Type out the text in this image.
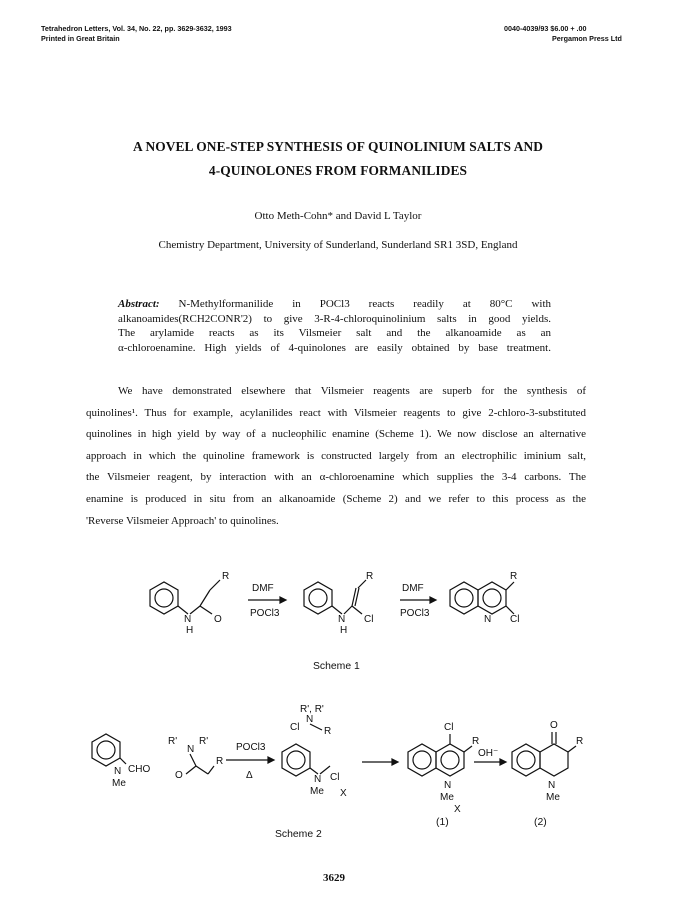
Tetrahedron Letters, Vol. 34, No. 22, pp. 3629-3632, 1993
Printed in Great Britain
0040-4039/93 $6.00 + .00
Pergamon Press Ltd
A NOVEL ONE-STEP SYNTHESIS OF QUINOLINIUM SALTS AND
4-QUINOLONES FROM FORMANILIDES
Otto Meth-Cohn* and David L Taylor
Chemistry Department, University of Sunderland, Sunderland SR1 3SD, England
Abstract: N-Methylformanilide in POCl3 reacts readily at 80°C with
alkanoamides(RCH2CONR'2) to give 3-R-4-chloroquinolinium salts in good yields.
The arylamide reacts as its Vilsmeier salt and the alkanoamide as an
α-chloroenamine. High yields of 4-quinolones are easily obtained by base treatment.
We have demonstrated elsewhere that Vilsmeier reagents are superb for the synthesis of
quinolines¹. Thus for example, acylanilides react with Vilsmeier reagents to give 2-chloro-3-substituted
quinolines in high yield by way of a nucleophilic enamine (Scheme 1). We now disclose an alternative
approach in which the quinoline framework is constructed largely from an electrophilic iminium salt,
the Vilsmeier reagent, by interaction with an α-chloroenamine which supplies the 3-4 carbons. The
enamine is produced in situ from an alkanoamide (Scheme 2) and we refer to this process as the
'Reverse Vilsmeier Approach' to quinolines.
N
H
O
R
DMF
POCl3
N
H
Cl
R
DMF
POCl3
N
R
Cl
Scheme 1
N CHO
Me
R'
N
R'
O
R
POCl3
Δ
R', R'
N
Cl R
N Cl
Me X
Cl
R
N
Me
X
OH⁻
O
R
N
Me
(1)	(2)
Scheme 2
3629
